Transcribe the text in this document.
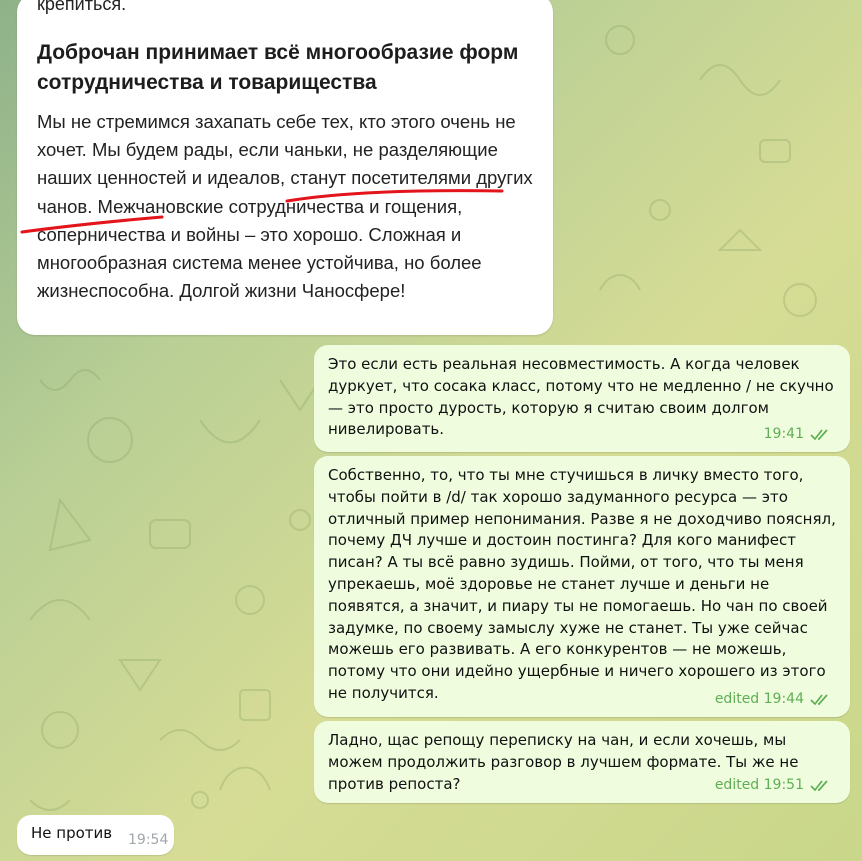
крепиться.
Доброчан принимает всё многообразие форм сотрудничества и товарищества

Мы не стремимся захапать себе тех, кто этого очень не хочет. Мы будем рады, если чаньки, не разделяющие наших ценностей и идеалов, станут посетителями других чанов. Межчановские сотрудничества и гощения, соперничества и войны – это хорошо. Сложная и многообразная система менее устойчива, но более жизнеспособна. Долгой жизни Чаносфере!

Это если есть реальная несовместимость. А когда человек дуркует, что сосака класс, потому что не медленно / не скучно — это просто дурость, которую я считаю своим долгом нивелировать.	19:41
Собственно, то, что ты мне стучишься в личку вместо того, чтобы пойти в /d/ так хорошо задуманного ресурса — это отличный пример непонимания. Разве я не доходчиво пояснял, почему ДЧ лучше и достоин постинга? Для кого манифест писан? А ты всё равно зудишь. Пойми, от того, что ты меня упрекаешь, моё здоровье не станет лучше и деньги не появятся, а значит, и пиару ты не помогаешь. Но чан по своей задумке, по своему замыслу хуже не станет. Ты уже сейчас можешь его развивать. А его конкурентов — не можешь, потому что они идейно ущербные и ничего хорошего из этого не получится.	edited 19:44
Ладно, щас репощу переписку на чан, и если хочешь, мы можем продолжить разговор в лучшем формате. Ты же не против репоста?	edited 19:51
Не против 19:54
